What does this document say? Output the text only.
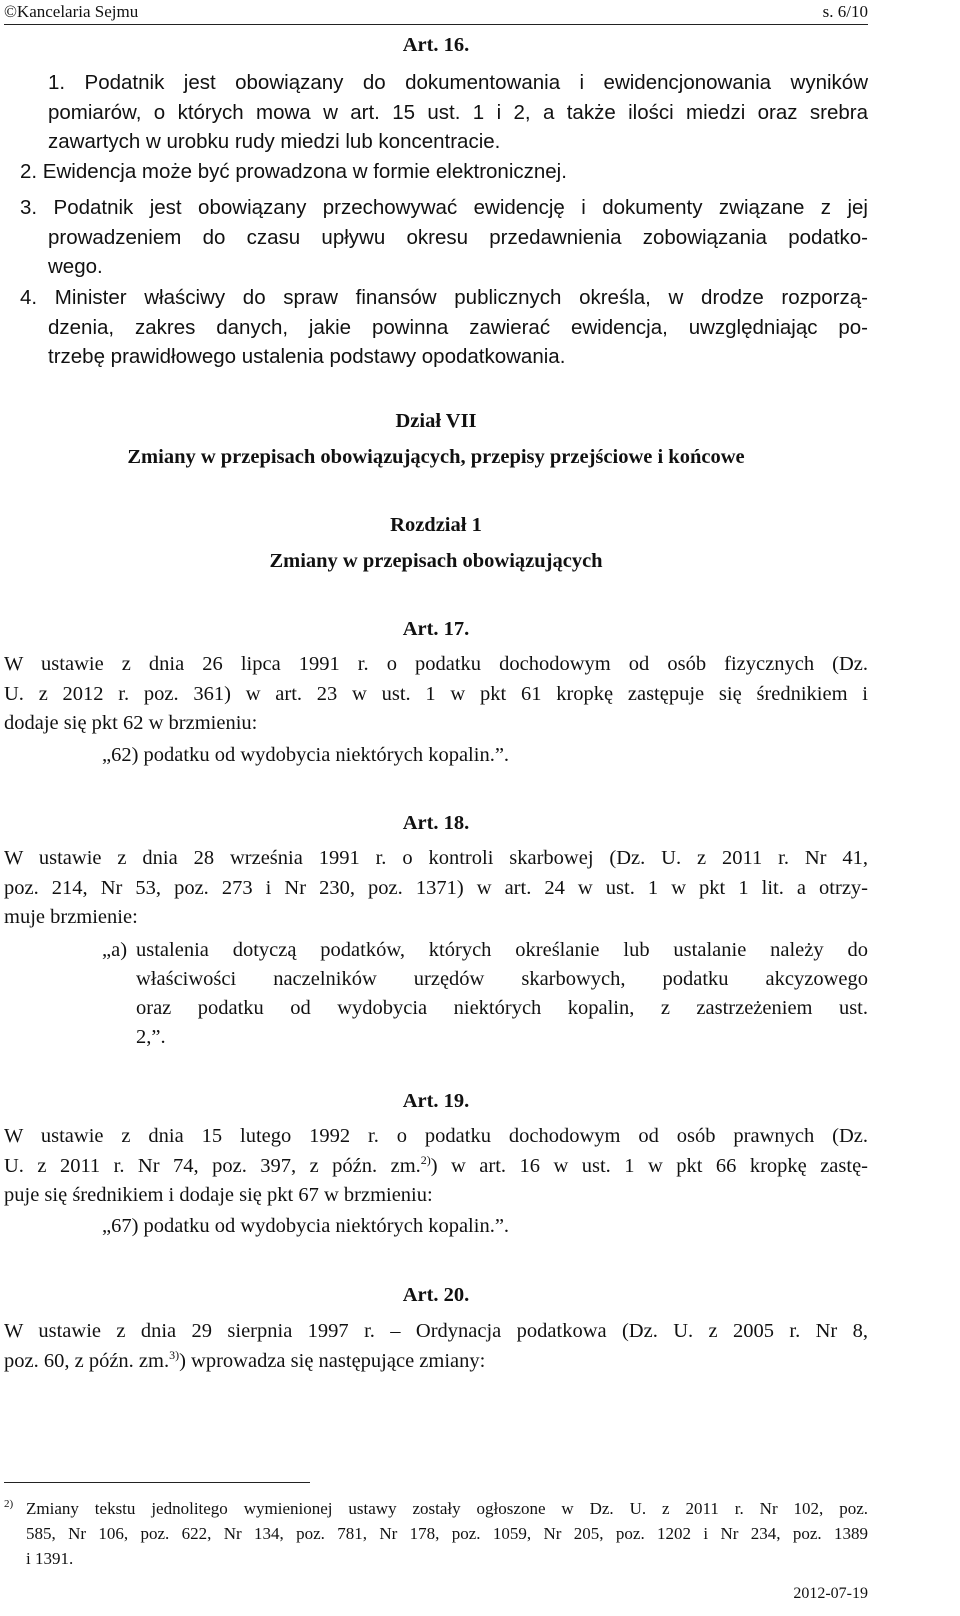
©Kancelaria Sejmu	s. 6/10
Art. 16.
1. Podatnik jest obowiązany do dokumentowania i ewidencjonowania wyników
pomiarów, o których mowa w art. 15 ust. 1 i 2, a także ilości miedzi oraz srebra
zawartych w urobku rudy miedzi lub koncentracie.
2. Ewidencja może być prowadzona w formie elektronicznej.
3. Podatnik jest obowiązany przechowywać ewidencję i dokumenty związane z jej
prowadzeniem do czasu upływu okresu przedawnienia zobowiązania podatko-
wego.
4. Minister właściwy do spraw finansów publicznych określa, w drodze rozporzą-
dzenia, zakres danych, jakie powinna zawierać ewidencja, uwzględniając po-
trzebę prawidłowego ustalenia podstawy opodatkowania.
Dział VII
Zmiany w przepisach obowiązujących, przepisy przejściowe i końcowe
Rozdział 1
Zmiany w przepisach obowiązujących
Art. 17.
W ustawie z dnia 26 lipca 1991 r. o podatku dochodowym od osób fizycznych (Dz.
U. z 2012 r. poz. 361) w art. 23 w ust. 1 w pkt 61 kropkę zastępuje się średnikiem i
dodaje się pkt 62 w brzmieniu:
„62) podatku od wydobycia niektórych kopalin.”.
Art. 18.
W ustawie z dnia 28 września 1991 r. o kontroli skarbowej (Dz. U. z 2011 r. Nr 41,
poz. 214, Nr 53, poz. 273 i Nr 230, poz. 1371) w art. 24 w ust. 1 w pkt 1 lit. a otrzy-
muje brzmienie:
„a) ustalenia dotyczą podatków, których określanie lub ustalanie należy do
właściwości naczelników urzędów skarbowych, podatku akcyzowego
oraz podatku od wydobycia niektórych kopalin, z zastrzeżeniem ust.
2,”.
Art. 19.
W ustawie z dnia 15 lutego 1992 r. o podatku dochodowym od osób prawnych (Dz.
U. z 2011 r. Nr 74, poz. 397, z późn. zm.$^{2)}$) w art. 16 w ust. 1 w pkt 66 kropkę zastę-
puje się średnikiem i dodaje się pkt 67 w brzmieniu:
„67) podatku od wydobycia niektórych kopalin.”.
Art. 20.
W ustawie z dnia 29 sierpnia 1997 r. – Ordynacja podatkowa (Dz. U. z 2005 r. Nr 8,
poz. 60, z późn. zm.$^{3)}$) wprowadza się następujące zmiany:
2) Zmiany tekstu jednolitego wymienionej ustawy zostały ogłoszone w Dz. U. z 2011 r. Nr 102, poz.
585, Nr 106, poz. 622, Nr 134, poz. 781, Nr 178, poz. 1059, Nr 205, poz. 1202 i Nr 234, poz. 1389
i 1391.
2012-07-19
